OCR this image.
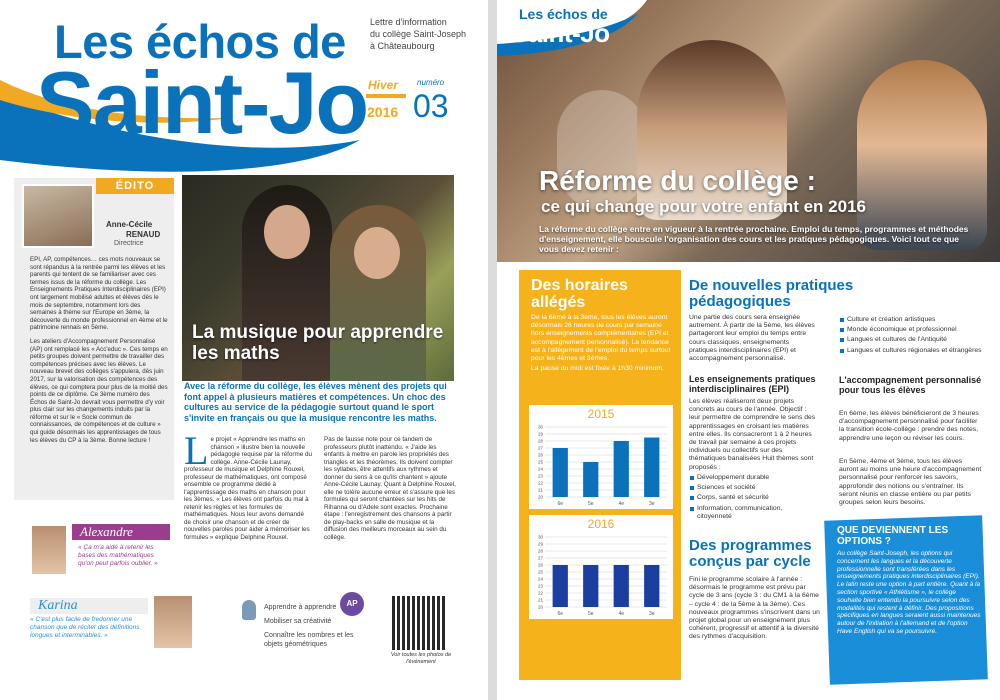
Les échos de
Saint-Jo
Lettre d'information
du collège Saint-Joseph
à Châteaubourg
Hiver numéro
2016 03
ÉDITO
Anne-Cécile
RENAUD
Directrice

EPI, AP, compétences… ces mots nouveaux se sont répandus à la rentrée parmi les élèves et les parents qui tentent de se familiariser avec ces termes issus de la réforme du collège. Les Enseignements Pratiques Interdisciplinaires (EPI) ont largement mobilisé adultes et élèves dès le mois de septembre, notamment lors des semaines à thème sur l'Europe en 3ème, la découverte du monde professionnel en 4ème et le patrimoine rennais en 5ème.

Les ateliers d'Accompagnement Personnalisé (AP) ont remplacé les « Acc'educ ». Ces temps en petits groupes doivent permettre de travailler des compétences précises avec les élèves. Le nouveau brevet des collèges s'appuiera, dès juin 2017, sur la valorisation des compétences des élèves, ce qui comptera pour plus de la moitié des points de ce diplôme. Ce 3ème numéro des Échos de Saint-Jo devrait vous permettre d'y voir plus clair sur les changements induits par la réforme et sur le « Socle commun de connaissances, de compétences et de culture » qui guide désormais les apprentissages de tous les élèves du CP à la 3ème. Bonne lecture !

La musique pour apprendre les maths
Avec la réforme du collège, les élèves mènent des projets qui font appel à plusieurs matières et compétences. Un choc des cultures au service de la pédagogie surtout quand le sport s'invite en français ou que la musique rencontre les maths.
Le projet « Apprendre les maths en chanson » illustre bien la nouvelle pédagogie requise par la réforme du collège. Anne-Cécile Launay, professeur de musique et Delphine Rouxel, professeur de mathématiques, ont composé ensemble ce programme dédié à l'apprentissage des maths en chanson pour les 3èmes. « Les élèves ont parfois du mal à retenir les règles et les formules de mathématiques. Nous leur avons demandé de choisir une chanson et de créer de nouvelles paroles pour aider à mémoriser les formules » explique Delphine Rouxel.
Pas de fausse note pour ce tandem de professeurs plutôt inattendu. « J'aide les enfants à mettre en parole les propriétés des triangles et les théorèmes. Ils doivent compter les syllabes, être attentifs aux rythmes et donner du sens à ce qu'ils chantent » ajoute Anne-Cécile Launay. Quant à Delphine Rouxel, elle ne tolère aucune erreur et s'assure que les formules qui seront chantées sur les hits de Rihanna ou d'Adele sont exactes. Prochaine étape : l'enregistrement des chansons à partir de play-backs en salle de musique et la diffusion des meilleurs morceaux au sein du collège.
Alexandre
« Ça m'a aidé à retenir les bases des mathématiques qu'on peut parfois oublier. »
Karina
« C'est plus facile de fredonner une chanson que de réciter des définitions longues et interminables. »
AP
Apprendre à apprendre
Mobiliser sa créativité
Connaître les nombres et les objets géométriques
Voir toutes les photos de l'événement
Les échos de
Saint-Jo
Réforme du collège :
ce qui change pour votre enfant en 2016
La réforme du collège entre en vigueur à la rentrée prochaine. Emploi du temps, programmes et méthodes d'enseignement, elle bouscule l'organisation des cours et les pratiques pédagogiques. Voici tout ce que vous devez retenir :
Des horaires allégés

De la 6ème à la 3ème, tous les élèves auront désormais 26 heures de cours par semaine hors enseignements complémentaires (EPI et accompagnement personnalisé). La tendance est à l'allègement de l'emploi du temps surtout pour les 4èmes et 3èmes.

La pause du midi est fixée à 1h30 minimum.

2015
20
21
22
23
24
25
26
27
28
29
30
6e	5e	4e	3e
2016
20
21
22
23
24
25
26
27
28
29
30
6e	5e	4e	3e
De nouvelles pratiques pédagogiques
Une partie des cours sera enseignée autrement. À partir de la 5ème, les élèves partageront leur emploi du temps entre cours classiques, enseignements pratiques interdisciplinaires (EPI) et accompagnement personnalisé.
Les enseignements pratiques interdisciplinaires (EPI)
Les élèves réaliseront deux projets concrets au cours de l'année. Objectif : leur permettre de comprendre le sens des apprentissages en croisant les matières entre elles. Ils consacreront 1 à 2 heures de travail par semaine à ces projets individuels ou collectifs sur des thématiques banalisées Huit thèmes sont proposés :
Développement durable
Sciences et société
Corps, santé et sécurité
Information, communication, citoyenneté
Culture et création artistiques
Monde économique et professionnel
Langues et cultures de l'Antiquité
Langues et cultures régionales et étrangères
L'accompagnement personnalisé pour tous les élèves
En 6ème, les élèves bénéficieront de 3 heures d'accompagnement personnalisé pour faciliter la transition école-collège : prendre des notes, apprendre une leçon ou réviser les cours.
En 5ème, 4ème et 3ème, tous les élèves auront au moins une heure d'accompagnement personnalisé pour renforcer les savoirs, approfondir des notions ou s'entraîner. Ils seront réunis en classe entière ou par petits groupes selon leurs besoins.
Des programmes conçus par cycle
Fini le programme scolaire à l'année : désormais le programme est prévu par cycle de 3 ans (cycle 3 : du CM1 à la 6ème – cycle 4 : de la 5ème à la 3ème). Ces nouveaux programmes s'inscrivent dans un projet global pour un enseignement plus cohérent, progressif et attentif à la diversité des rythmes d'acquisition.
QUE DEVIENNENT LES OPTIONS ?
Au collège Saint-Joseph, les options qui concernent les langues et la découverte professionnelle sont transférées dans les enseignements pratiques interdisciplinaires (EPI). Le latin reste une option à part entière. Quant à la section sportive « Athlétisme », le collège souhaite bien entendu la poursuivre selon des modalités qui restent à définir. Des propositions spécifiques en langues seraient aussi maintenues autour de l'initiation à l'allemand et de l'option Have English qui va se poursuivre.
